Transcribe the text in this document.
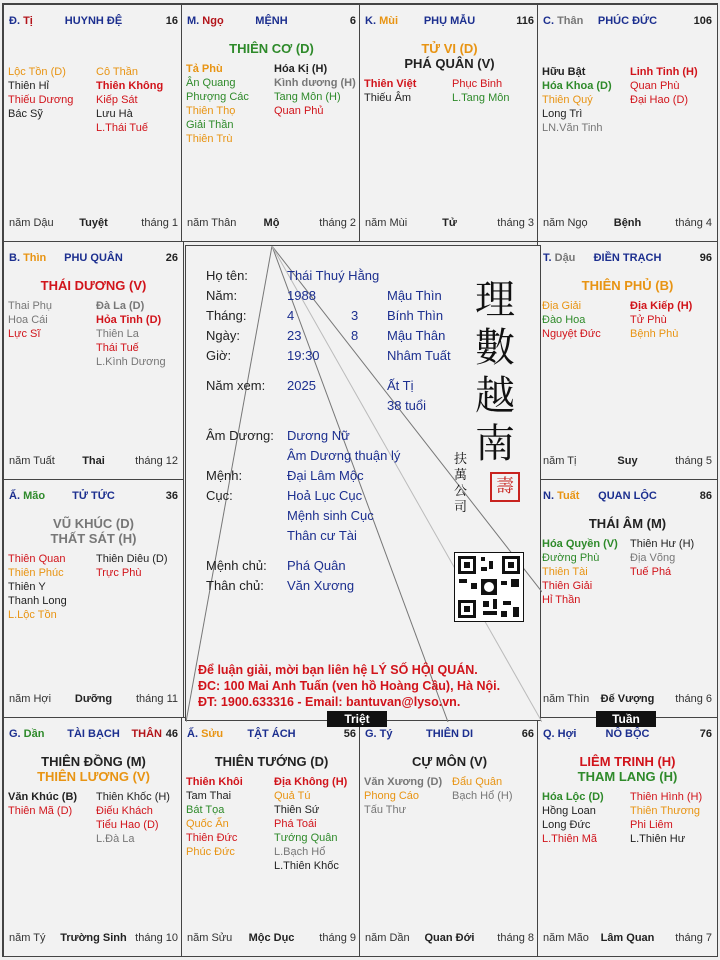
Đ. Tị	HUYNH ĐỆ	16
Lộc Tồn (D)
Thiên Hỉ
Thiếu Dương
Bác Sỹ
Cô Thần
Thiên Không
Kiếp Sát
Lưu Hà
L.Thái Tuế
năm Dậu	Tuyệt	tháng 1
M. Ngọ	MỆNH	6
THIÊN CƠ (D)
Tả Phù
Ân Quang
Phượng Các
Thiên Thọ
Giải Thần
Thiên Trù
Hóa Kị (H)
Kình dương (H)
Tang Môn (H)
Quan Phủ
năm Thân	Mộ	tháng 2
K. Mùi	PHỤ MẪU	116
TỬ VI (D)
PHÁ QUÂN (V)
Thiên Việt
Thiếu Âm
Phục Binh
L.Tang Môn
năm Mùi	Tử	tháng 3
C. Thân	PHÚC ĐỨC	106
Hữu Bật
Hóa Khoa (D)
Thiên Quý
Long Trì
LN.Văn Tinh
Linh Tinh (H)
Quan Phù
Đại Hao (D)
năm Ngọ	Bệnh	tháng 4
B. Thìn	PHU QUÂN	26
THÁI DƯƠNG (V)
Thai Phụ
Hoa Cái
Lực Sĩ
Đà La (D)
Hỏa Tinh (D)
Thiên La
Thái Tuế
L.Kình Dương
năm Tuất	Thai	tháng 12
T. Dậu	ĐIỀN TRẠCH	96
THIÊN PHỦ (B)
Địa Giải
Đào Hoa
Nguyệt Đức
Địa Kiếp (H)
Tử Phù
Bệnh Phù
năm Tị	Suy	tháng 5
Ấ. Mão	TỬ TỨC	36
VŨ KHÚC (D)
THẤT SÁT (H)
Thiên Quan
Thiên Phúc
Thiên Y
Thanh Long
L.Lộc Tồn
Thiên Diêu (D)
Trực Phù
năm Hợi	Dưỡng	tháng 11
N. Tuất	QUAN LỘC	86
THÁI ÂM (M)
Hóa Quyền (V)
Đường Phù
Thiên Tài
Thiên Giải
Hỉ Thần
Thiên Hư (H)
Địa Võng
Tuế Phá
năm Thìn	Đế Vượng	tháng 6
G. Dần	TÀI BẠCH	THÂN 46
THIÊN ĐỒNG (M)
THIÊN LƯƠNG (V)
Văn Khúc (B)
Thiên Mã (D)
Thiên Khốc (H)
Điếu Khách
Tiểu Hao (D)
L.Đà La
năm Tý	Trường Sinh tháng 10
Ấ. Sửu	TẬT ÁCH	56
THIÊN TƯỚNG (D)
Thiên Khôi
Tam Thai
Bát Tọa
Quốc Ấn
Thiên Đức
Phúc Đức
Địa Không (H)
Quả Tú
Thiên Sứ
Phá Toái
Tướng Quân
L.Bạch Hổ
L.Thiên Khốc
năm Sửu	Mộc Dục	tháng 9
G. Tý	THIÊN DI	66
CỰ MÔN (V)
Văn Xương (D)
Phong Cáo
Tấu Thư
Đẩu Quân
Bạch Hổ (H)
năm Dần	Quan Đới	tháng 8
Q. Hợi	NÔ BỘC	76
LIÊM TRINH (H)
THAM LANG (H)
Hóa Lộc (D)
Hồng Loan
Long Đức
L.Thiên Mã
Thiên Hình (H)
Thiên Thương
Phi Liêm
L.Thiên Hư
năm Mão	Lâm Quan	tháng 7
Họ tên:	Thái Thuý Hằng
Năm:	1988	Mậu Thìn
Tháng:	4	3 Bính Thìn
Ngày:	23	8 Mậu Thân
Giờ:	19:30	Nhâm Tuất
Năm xem: 2025	Ất Tị
38 tuổi
Âm Dương: Dương Nữ
Âm Dương thuận lý
Mệnh:	Đại Lâm Mộc
Cục:	Hoả Lục Cục
Mệnh sinh Cục
Thân cư Tài
Mệnh chủ: Phá Quân
Thân chủ: Văn Xương
理
數
越
南
扶
萬
公
司
壽
Để luận giải, mời bạn liên hệ LÝ SỐ HỘI QUÁN.
ĐC: 100 Mai Anh Tuấn (ven hồ Hoàng Cầu), Hà Nội.
ĐT: 1900.633316 - Email: bantuvan@lyso.vn.
Triệt	Tuần
